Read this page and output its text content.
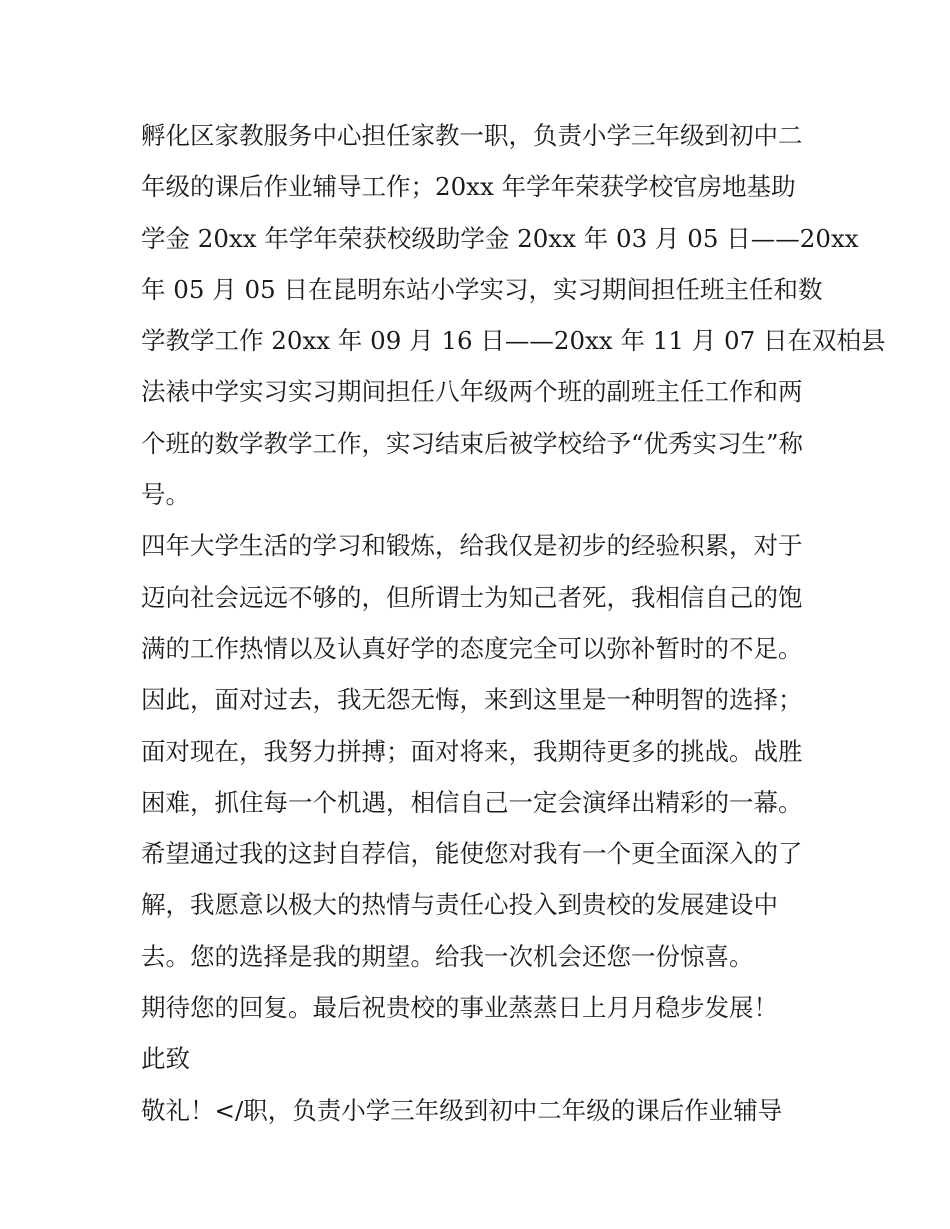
孵化区家教服务中心担任家教一职，负责小学三年级到初中二
年级的课后作业辅导工作；20xx 年学年荣获学校官房地基助
学金 20xx 年学年荣获校级助学金 20xx 年 03 月 05 日——20xx
年 05 月 05 日在昆明东站小学实习，实习期间担任班主任和数
学教学工作 20xx 年 09 月 16 日——20xx 年 11 月 07 日在双柏县
法裱中学实习实习期间担任八年级两个班的副班主任工作和两
个班的数学教学工作，实习结束后被学校给予“优秀实习生”称
号。
四年大学生活的学习和锻炼，给我仅是初步的经验积累，对于
迈向社会远远不够的，但所谓士为知己者死，我相信自己的饱
满的工作热情以及认真好学的态度完全可以弥补暂时的不足。
因此，面对过去，我无怨无悔，来到这里是一种明智的选择；
面对现在，我努力拼搏；面对将来，我期待更多的挑战。战胜
困难，抓住每一个机遇，相信自己一定会演绎出精彩的一幕。
希望通过我的这封自荐信，能使您对我有一个更全面深入的了
解，我愿意以极大的热情与责任心投入到贵校的发展建设中
去。您的选择是我的期望。给我一次机会还您一份惊喜。
期待您的回复。最后祝贵校的事业蒸蒸日上月月稳步发展！
此致
敬礼！</职，负责小学三年级到初中二年级的课后作业辅导
